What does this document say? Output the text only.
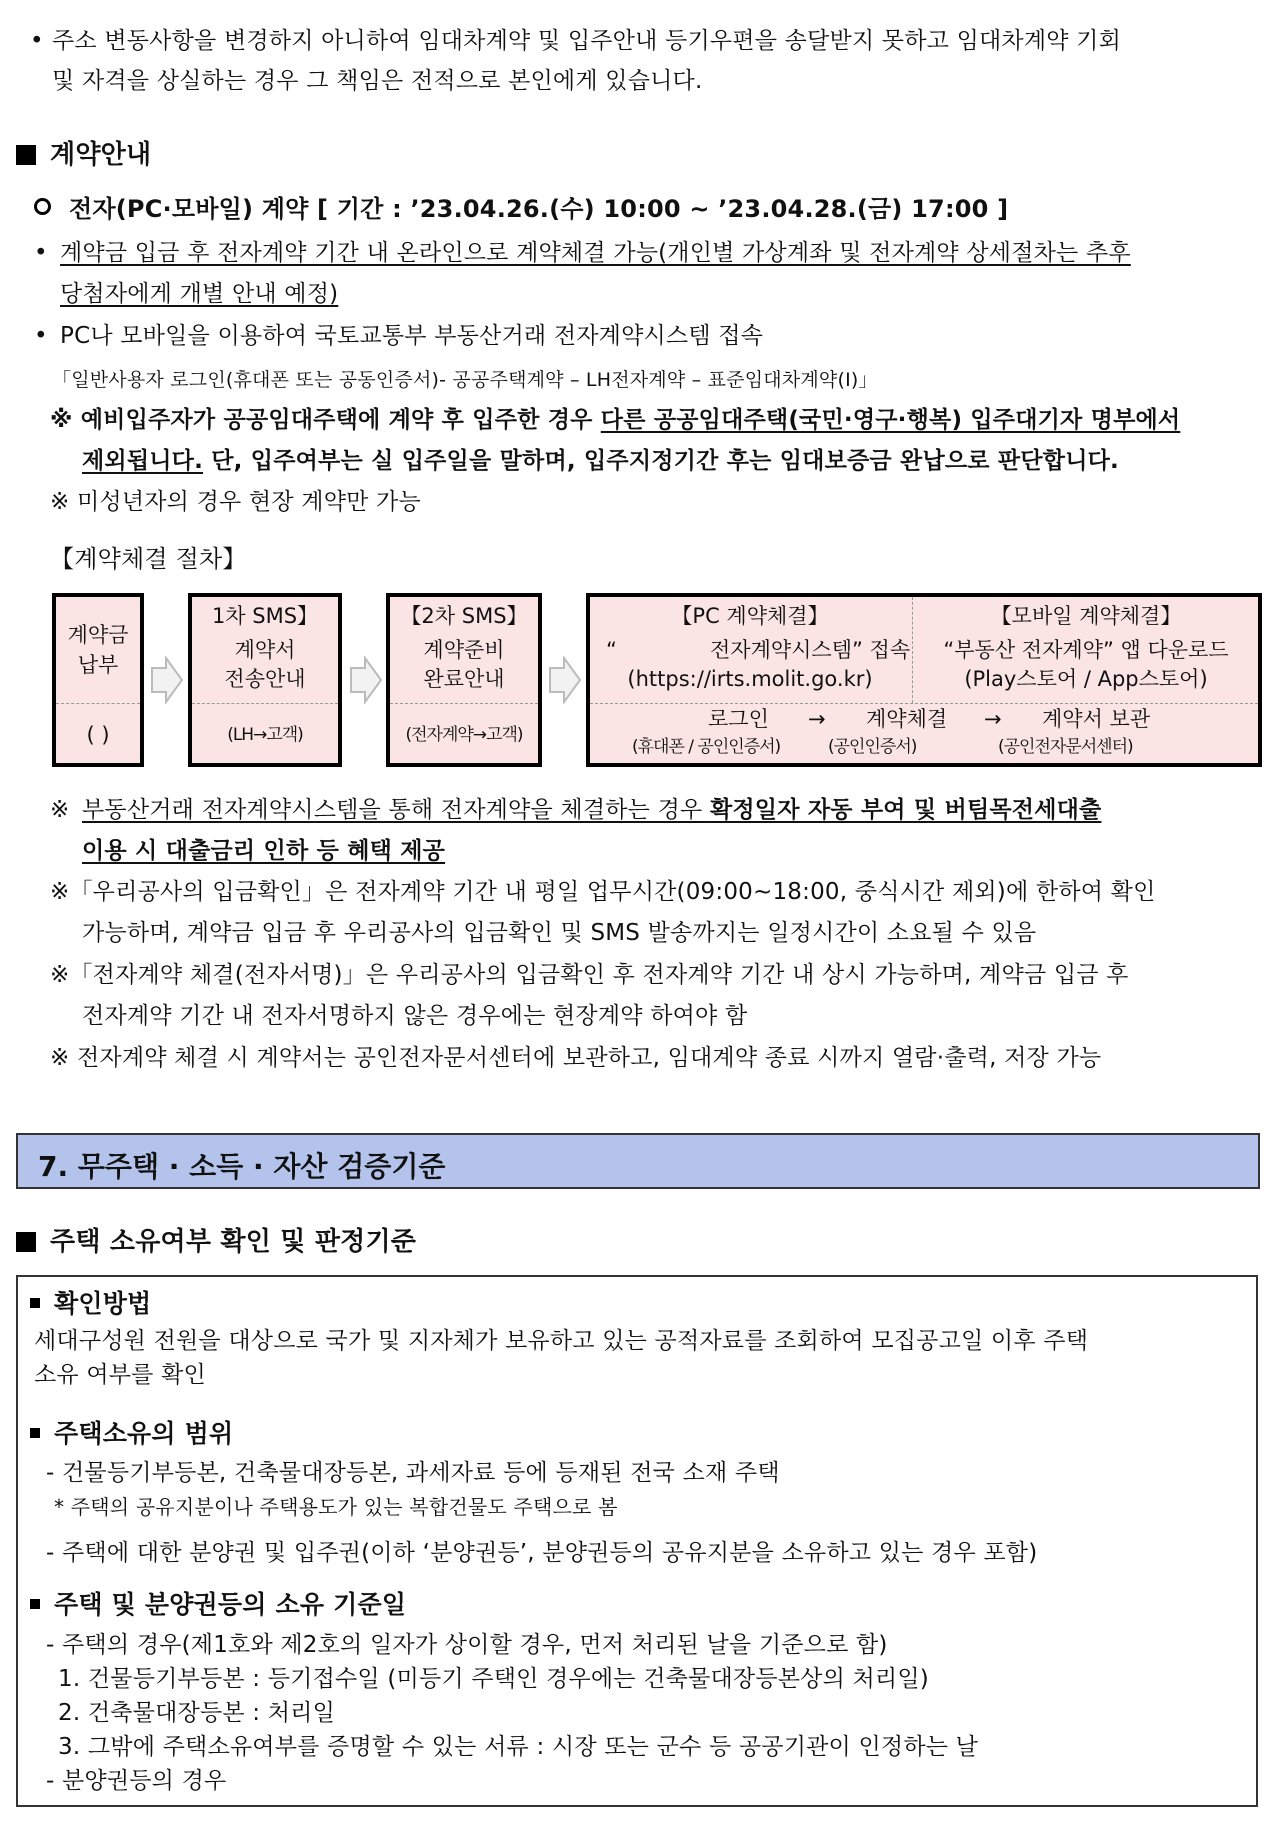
• 주소 변동사항을 변경하지 아니하여 임대차계약 및 입주안내 등기우편을 송달받지 못하고 임대차계약 기회
및 자격을 상실하는 경우 그 책임은 전적으로 본인에게 있습니다.
계약안내
전자(PC·모바일) 계약 [ 기간 : ’23.04.26.(수) 10:00 ~ ’23.04.28.(금) 17:00 ]
• 계약금 입금 후 전자계약 기간 내 온라인으로 계약체결 가능(개인별 가상계좌 및 전자계약 상세절차는 추후
당첨자에게 개별 안내 예정)
• PC나 모바일을 이용하여 국토교통부 부동산거래 전자계약시스템 접속
「일반사용자 로그인(휴대폰 또는 공동인증서)- 공공주택계약 – LH전자계약 – 표준임대차계약(Ⅰ)」
※ 예비입주자가 공공임대주택에 계약 후 입주한 경우 다른 공공임대주택(국민·영구·행복) 입주대기자 명부에서
제외됩니다. 단, 입주여부는 실 입주일을 말하며, 입주지정기간 후는 임대보증금 완납으로 판단합니다.
※ 미성년자의 경우 현장 계약만 가능
【계약체결 절차】
계약금
납부
( )
1차 SMS】
계약서
전송안내
(LH→고객)
【2차 SMS】
계약준비
완료안내
(전자계약→고객)
【PC 계약체결】
“	전자계약시스템” 접속
(https://irts.molit.go.kr)
【모바일 계약체결】
“부동산 전자계약” 앱 다운로드
(Play스토어 / App스토어)
로그인 → 계약체결 → 계약서 보관
(휴대폰 / 공인인증서)	(공인인증서)	(공인전자문서센터)
※ 부동산거래 전자계약시스템을 통해 전자계약을 체결하는 경우 확정일자 자동 부여 및 버팀목전세대출
이용 시 대출금리 인하 등 혜택 제공
※「우리공사의 입금확인」은 전자계약 기간 내 평일 업무시간(09:00~18:00, 중식시간 제외)에 한하여 확인
가능하며, 계약금 입금 후 우리공사의 입금확인 및 SMS 발송까지는 일정시간이 소요될 수 있음
※「전자계약 체결(전자서명)」은 우리공사의 입금확인 후 전자계약 기간 내 상시 가능하며, 계약금 입금 후
전자계약 기간 내 전자서명하지 않은 경우에는 현장계약 하여야 함
※ 전자계약 체결 시 계약서는 공인전자문서센터에 보관하고, 임대계약 종료 시까지 열람·출력, 저장 가능
7. 무주택 · 소득 · 자산 검증기준
주택 소유여부 확인 및 판정기준
확인방법
세대구성원 전원을 대상으로 국가 및 지자체가 보유하고 있는 공적자료를 조회하여 모집공고일 이후 주택
소유 여부를 확인
주택소유의 범위
- 건물등기부등본, 건축물대장등본, 과세자료 등에 등재된 전국 소재 주택
* 주택의 공유지분이나 주택용도가 있는 복합건물도 주택으로 봄
- 주택에 대한 분양권 및 입주권(이하 ‘분양권등’, 분양권등의 공유지분을 소유하고 있는 경우 포함)
주택 및 분양권등의 소유 기준일
- 주택의 경우(제1호와 제2호의 일자가 상이할 경우, 먼저 처리된 날을 기준으로 함)
1. 건물등기부등본 : 등기접수일 (미등기 주택인 경우에는 건축물대장등본상의 처리일)
2. 건축물대장등본 : 처리일
3. 그밖에 주택소유여부를 증명할 수 있는 서류 : 시장 또는 군수 등 공공기관이 인정하는 날
- 분양권등의 경우
